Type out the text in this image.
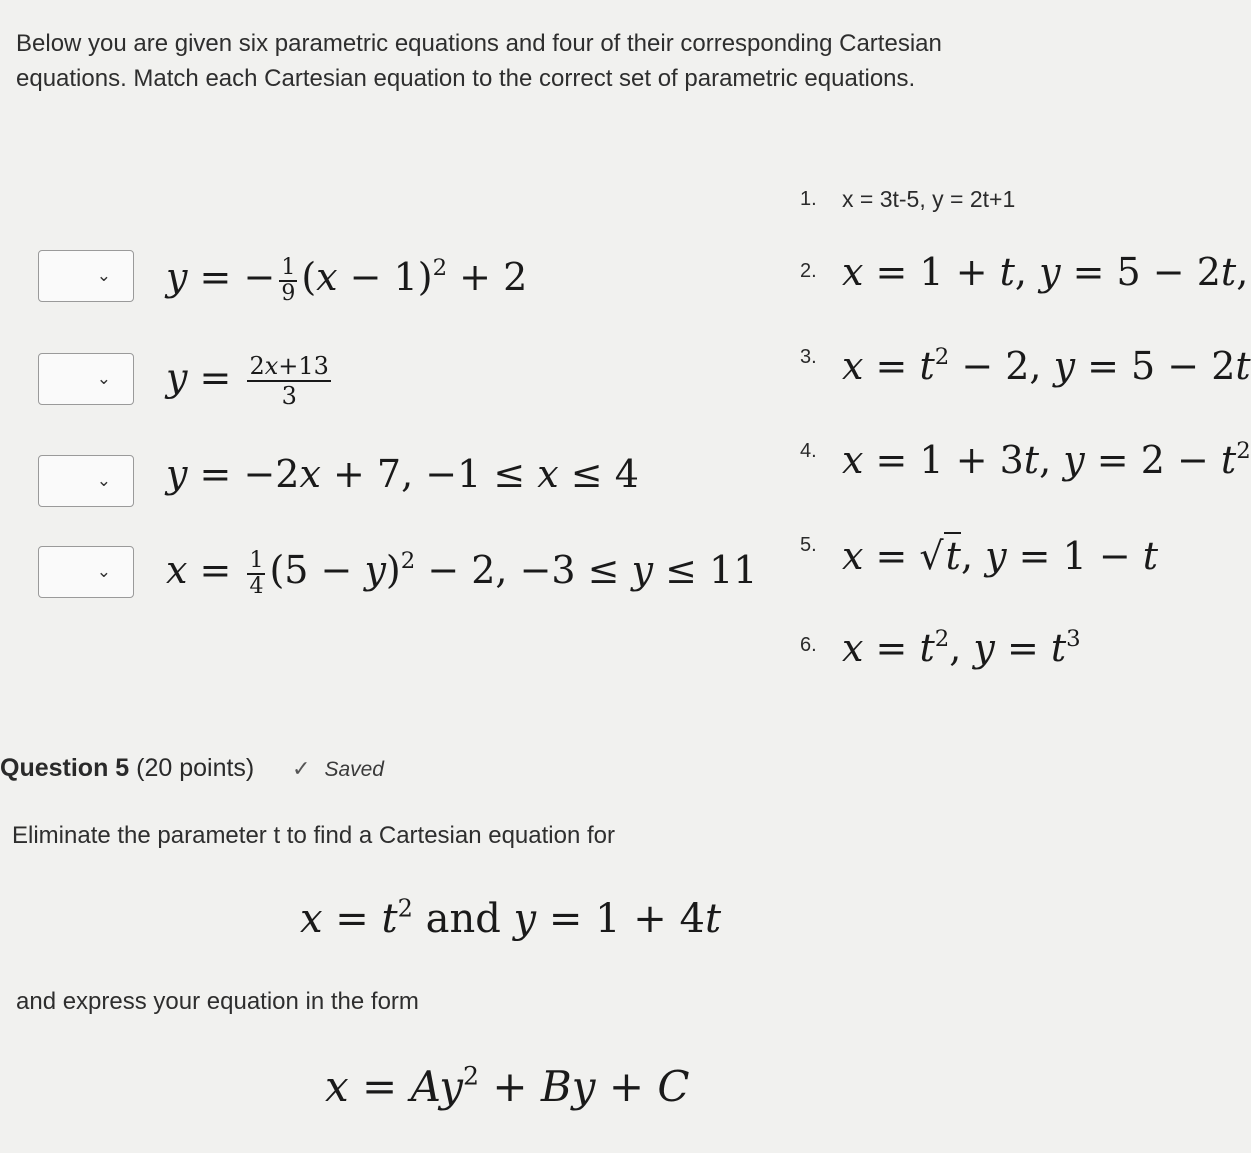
Below you are given six parametric equations and four of their corresponding Cartesian equations. Match each Cartesian equation to the correct set of parametric equations.
⌄
⌄
⌄
⌄
y = − $\frac{1}{9} (x - 1)^2 + 2$
$y = \frac{2x+13}{3}$
y = −2x + 7, −1 ≤ x ≤ 4
$x = \frac{1}{4} (5 - y)^2 - 2$, −3 ≤ y ≤ 11
1. x = 3t-5, y = 2t+1
2. x = 1 + t, y = 5 − 2t,
3. $x = t^2 - 2$, y = 5 − 2t
4. x = 1 + 3t, $y = 2 - t^2$
5. x = √t, y = 1 − t
6. $x = t^2$, $y = t^3$
Question 5 (20 points) ✓ Saved
Eliminate the parameter t to find a Cartesian equation for
$x = t^2$ and y = 1 + 4t
and express your equation in the form
$x = Ay^2 + By + C$
